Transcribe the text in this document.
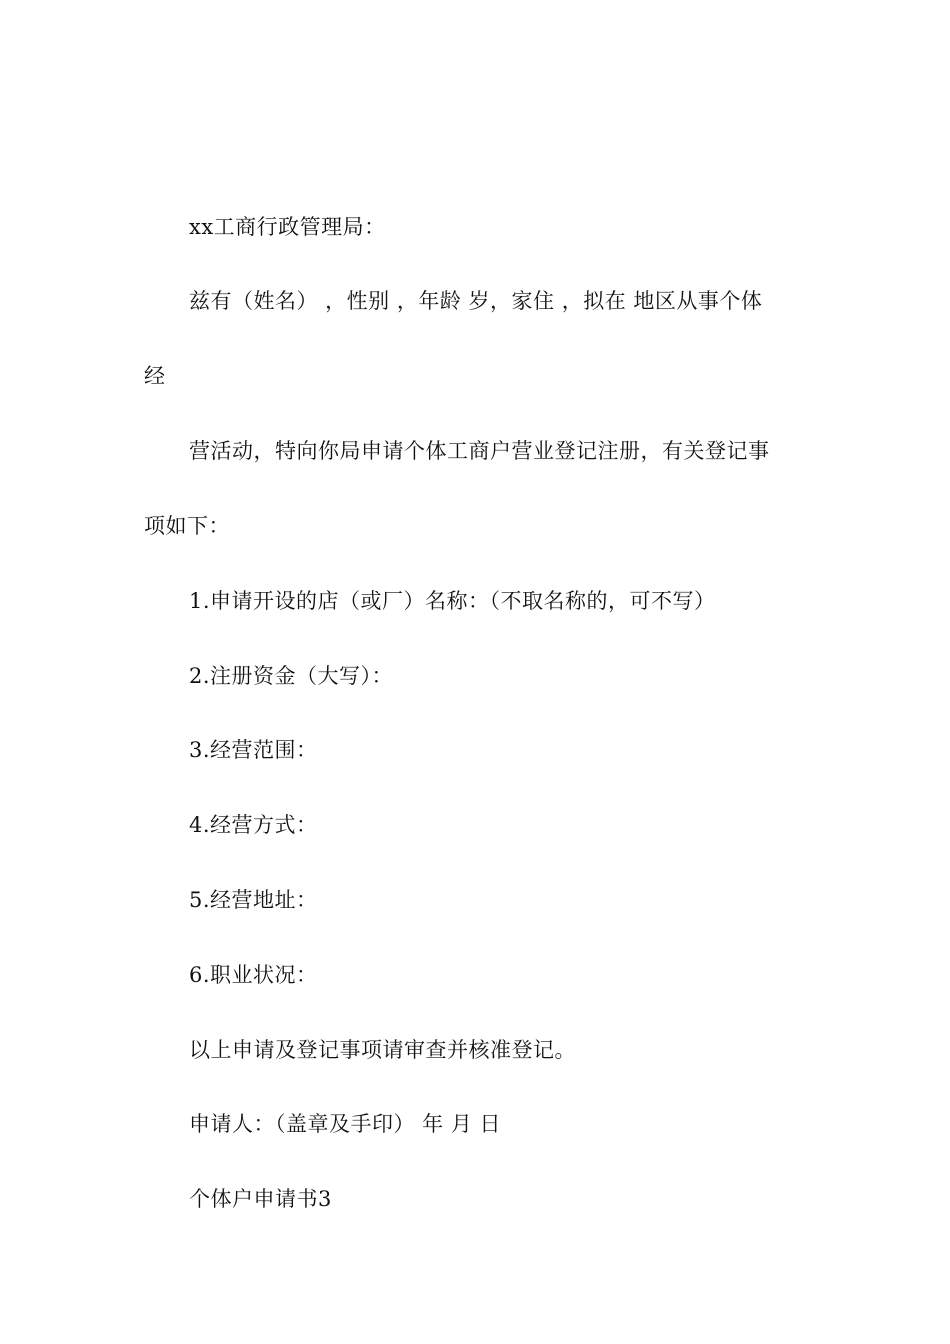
xx工商行政管理局：
兹有（姓名） ，性别 ，年龄 岁，家住 ，拟在 地区从事个体
经
营活动，特向你局申请个体工商户营业登记注册，有关登记事
项如下：
1.申请开设的店（或厂）名称：（不取名称的，可不写）
2.注册资金（大写）：
3.经营范围：
4.经营方式：
5.经营地址：
6.职业状况：
以上申请及登记事项请审查并核准登记。
申请人：（盖章及手印） 年 月 日
个体户申请书3
